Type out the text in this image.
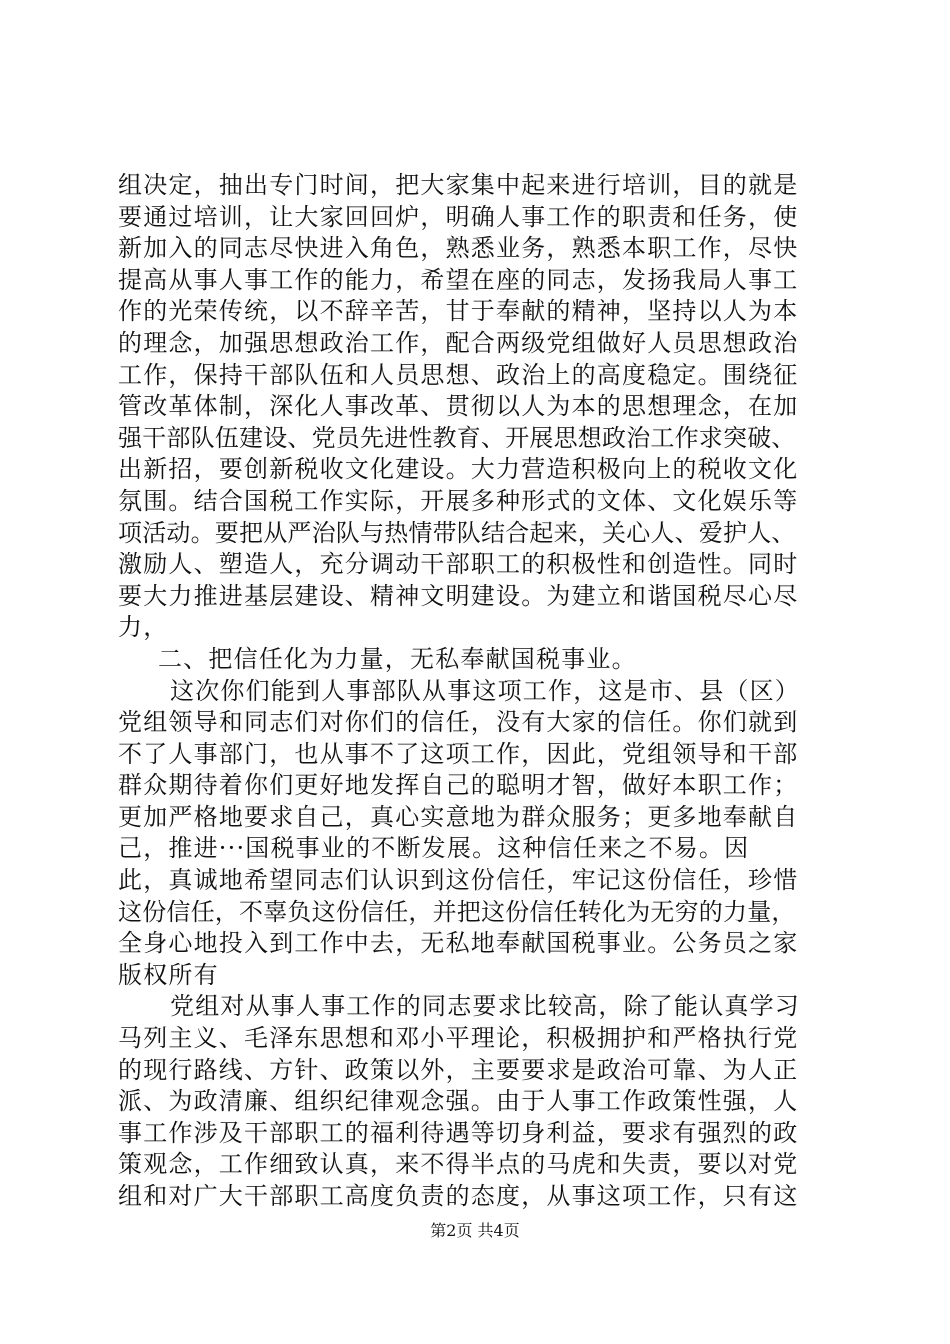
组决定，抽出专门时间，把大家集中起来进行培训，目的就是
要通过培训，让大家回回炉，明确人事工作的职责和任务，使
新加入的同志尽快进入角色，熟悉业务，熟悉本职工作，尽快
提高从事人事工作的能力，希望在座的同志，发扬我局人事工
作的光荣传统，以不辞辛苦，甘于奉献的精神，坚持以人为本
的理念，加强思想政治工作，配合两级党组做好人员思想政治
工作，保持干部队伍和人员思想、政治上的高度稳定。围绕征
管改革体制，深化人事改革、贯彻以人为本的思想理念，在加
强干部队伍建设、党员先进性教育、开展思想政治工作求突破、
出新招，要创新税收文化建设。大力营造积极向上的税收文化
氛围。结合国税工作实际，开展多种形式的文体、文化娱乐等
项活动。要把从严治队与热情带队结合起来，关心人、爱护人、
激励人、塑造人，充分调动干部职工的积极性和创造性。同时
要大力推进基层建设、精神文明建设。为建立和谐国税尽心尽
力，
二、把信任化为力量，无私奉献国税事业。
这次你们能到人事部队从事这项工作，这是市、县（区）
党组领导和同志们对你们的信任，没有大家的信任。你们就到
不了人事部门，也从事不了这项工作，因此，党组领导和干部
群众期待着你们更好地发挥自己的聪明才智，做好本职工作；
更加严格地要求自己，真心实意地为群众服务；更多地奉献自
己，推进···国税事业的不断发展。这种信任来之不易。因
此，真诚地希望同志们认识到这份信任，牢记这份信任，珍惜
这份信任，不辜负这份信任，并把这份信任转化为无穷的力量，
全身心地投入到工作中去，无私地奉献国税事业。公务员之家
版权所有
党组对从事人事工作的同志要求比较高，除了能认真学习
马列主义、毛泽东思想和邓小平理论，积极拥护和严格执行党
的现行路线、方针、政策以外，主要要求是政治可靠、为人正
派、为政清廉、组织纪律观念强。由于人事工作政策性强，人
事工作涉及干部职工的福利待遇等切身利益，要求有强烈的政
策观念，工作细致认真，来不得半点的马虎和失责，要以对党
组和对广大干部职工高度负责的态度，从事这项工作，只有这
第2页 共4页
